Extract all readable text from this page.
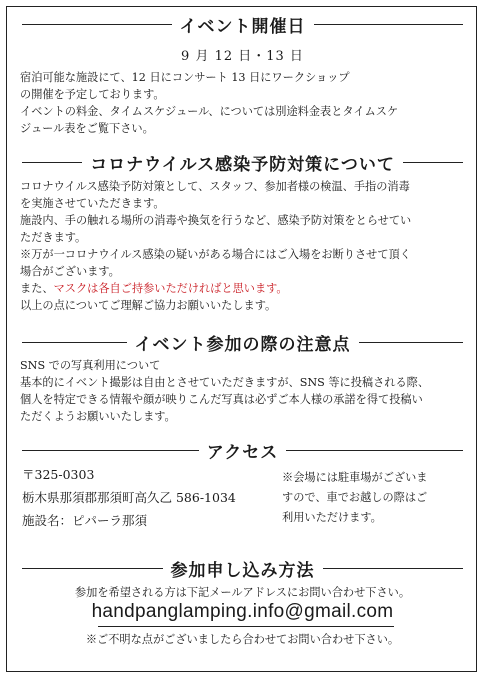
イベント開催日
9 月 12 日・13 日
宿泊可能な施設にて、12 日にコンサート 13 日にワークショップ
の開催を予定しております。
イベントの料金、タイムスケジュール、については別途料金表とタイムスケ
ジュール表をご覧下さい。
コロナウイルス感染予防対策について
コロナウイルス感染予防対策として、スタッフ、参加者様の検温、手指の消毒
を実施させていただきます。
施設内、手の触れる場所の消毒や換気を行うなど、感染予防対策をとらせてい
ただきます。
※万が一コロナウイルス感染の疑いがある場合にはご入場をお断りさせて頂く
場合がございます。
また、マスクは各自ご持参いただければと思います。
以上の点についてご理解ご協力お願いいたします。
イベント参加の際の注意点
SNS での写真利用について
基本的にイベント撮影は自由とさせていただきますが、SNS 等に投稿される際、
個人を特定できる情報や顔が映りこんだ写真は必ずご本人様の承諾を得て投稿い
ただくようお願いいたします。
アクセス
〒325-0303
栃木県那須郡那須町高久乙 586-1034
施設名：ピパーラ那須
※会場には駐車場がございま
すので、車でお越しの際はご
利用いただけます。
参加申し込み方法
参加を希望される方は下記メールアドレスにお問い合わせ下さい。
handpanglamping.info@gmail.com
※ご不明な点がございましたら合わせてお問い合わせ下さい。
